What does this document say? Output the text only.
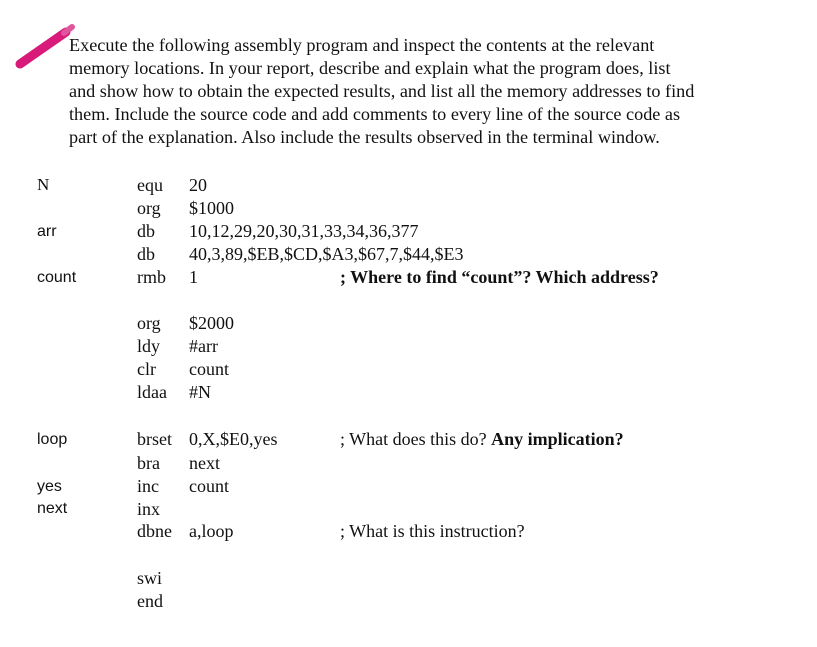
Execute the following assembly program and inspect the contents at the relevant
memory locations. In your report, describe and explain what the program does, list
and show how to obtain the expected results, and list all the memory addresses to find
them. Include the source code and add comments to every line of the source code as
part of the explanation. Also include the results observed in the terminal window.
N
arr
count
loop
yes
next
equ
org
db
db
rmb
org
ldy
clr
ldaa
brset
bra
inc
inx
dbne
swi
end
20
$1000
10,12,29,20,30,31,33,34,36,377
40,3,89,$EB,$CD,$A3,$67,7,$44,$E3
1
$2000
#arr
count
#N
0,X,$E0,yes
next
count
a,loop
; Where to find “count”? Which address?
; What does this do? Any implication?
; What is this instruction?
